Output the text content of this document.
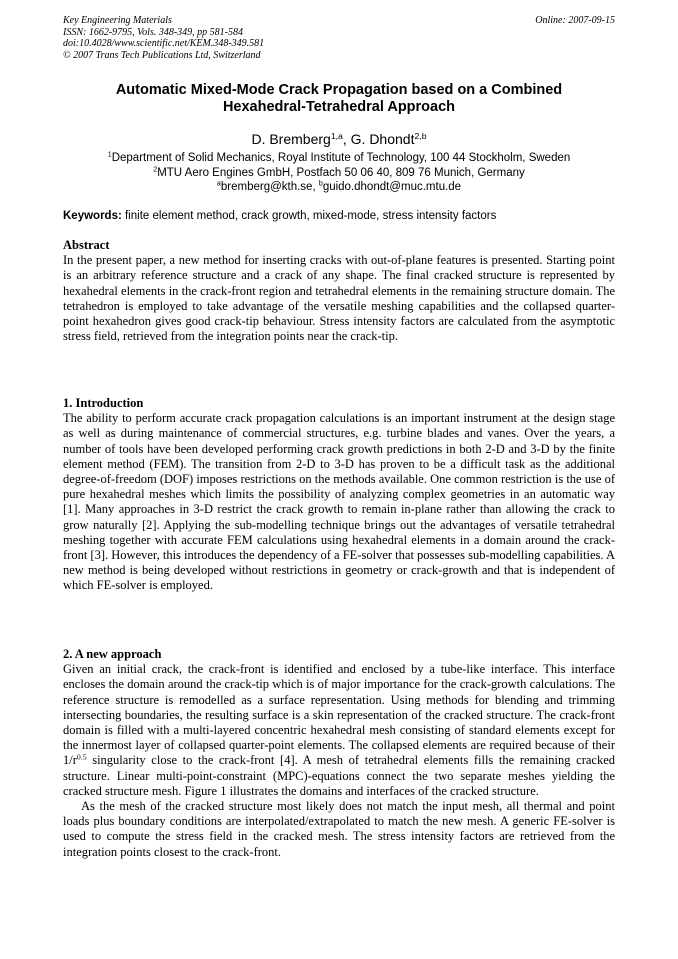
Key Engineering Materials
ISSN: 1662-9795, Vols. 348-349, pp 581-584
doi:10.4028/www.scientific.net/KEM.348-349.581
© 2007 Trans Tech Publications Ltd, Switzerland
Online: 2007-09-15
Automatic Mixed-Mode Crack Propagation based on a Combined
Hexahedral-Tetrahedral Approach
D. Bremberg$^{1,a}$, G. Dhondt$^{2,b}$
$^1$Department of Solid Mechanics, Royal Institute of Technology, 100 44 Stockholm, Sweden
$^2$MTU Aero Engines GmbH, Postfach 50 06 40, 809 76 Munich, Germany
$^a$bremberg@kth.se, $^b$guido.dhondt@muc.mtu.de
Keywords: finite element method, crack growth, mixed-mode, stress intensity factors
Abstract

In the present paper, a new method for inserting cracks with out-of-plane features is presented. Starting point is an arbitrary reference structure and a crack of any shape. The final cracked structure is represented by hexahedral elements in the crack-front region and tetrahedral elements in the remaining structure domain. The tetrahedron is employed to take advantage of the versatile meshing capabilities and the collapsed quarter-point hexahedron gives good crack-tip behaviour. Stress intensity factors are calculated from the asymptotic stress field, retrieved from the integration points near the crack-tip.

1. Introduction

The ability to perform accurate crack propagation calculations is an important instrument at the design stage as well as during maintenance of commercial structures, e.g. turbine blades and vanes. Over the years, a number of tools have been developed performing crack growth predictions in both 2-D and 3-D by the finite element method (FEM). The transition from 2-D to 3-D has proven to be a difficult task as the additional degree-of-freedom (DOF) imposes restrictions on the methods available. One common restriction is the use of pure hexahedral meshes which limits the possibility of analyzing complex geometries in an automatic way [1]. Many approaches in 3-D restrict the crack growth to remain in-plane rather than allowing the crack to grow naturally [2]. Applying the sub-modelling technique brings out the advantages of versatile tetrahedral meshing together with accurate FEM calculations using hexahedral elements in a domain around the crack-front [3]. However, this introduces the dependency of a FE-solver that possesses sub-modelling capabilities. A new method is being developed without restrictions in geometry or crack-growth and that is independent of which FE-solver is employed.

2. A new approach

Given an initial crack, the crack-front is identified and enclosed by a tube-like interface. This interface encloses the domain around the crack-tip which is of major importance for the crack-growth calculations. The reference structure is remodelled as a surface representation. Using methods for blending and trimming intersecting boundaries, the resulting surface is a skin representation of the cracked structure. The crack-front domain is filled with a multi-layered concentric hexahedral mesh consisting of standard elements except for the innermost layer of collapsed quarter-point elements. The collapsed elements are required because of their $1/r^{0.5}$ singularity close to the crack-front [4]. A mesh of tetrahedral elements fills the remaining cracked structure. Linear multi-point-constraint (MPC)-equations connect the two separate meshes yielding the cracked structure mesh. Figure 1 illustrates the domains and interfaces of the cracked structure.

As the mesh of the cracked structure most likely does not match the input mesh, all thermal and point loads plus boundary conditions are interpolated/extrapolated to match the new mesh. A generic FE-solver is used to compute the stress field in the cracked mesh. The stress intensity factors are retrieved from the integration points closest to the crack-front.
